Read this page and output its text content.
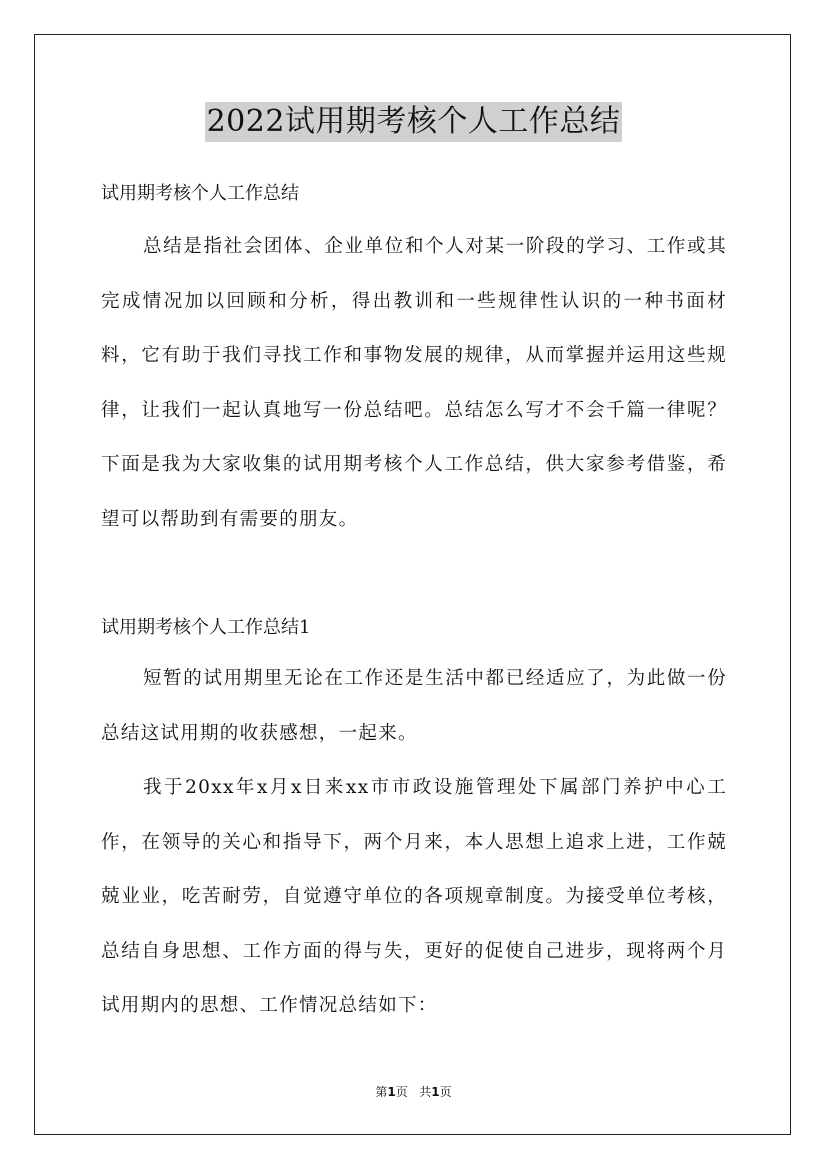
2022试用期考核个人工作总结
试用期考核个人工作总结
总结是指社会团体、企业单位和个人对某一阶段的学习、工作或其完成情况加以回顾和分析，得出教训和一些规律性认识的一种书面材料，它有助于我们寻找工作和事物发展的规律，从而掌握并运用这些规律，让我们一起认真地写一份总结吧。总结怎么写才不会千篇一律呢？下面是我为大家收集的试用期考核个人工作总结，供大家参考借鉴，希望可以帮助到有需要的朋友。
试用期考核个人工作总结1
短暂的试用期里无论在工作还是生活中都已经适应了，为此做一份总结这试用期的收获感想，一起来。
我于20xx年x月x日来xx市市政设施管理处下属部门养护中心工作，在领导的关心和指导下，两个月来，本人思想上追求上进，工作兢兢业业，吃苦耐劳，自觉遵守单位的各项规章制度。为接受单位考核，总结自身思想、工作方面的得与失，更好的促使自己进步，现将两个月试用期内的思想、工作情况总结如下：
第1页 共1页
